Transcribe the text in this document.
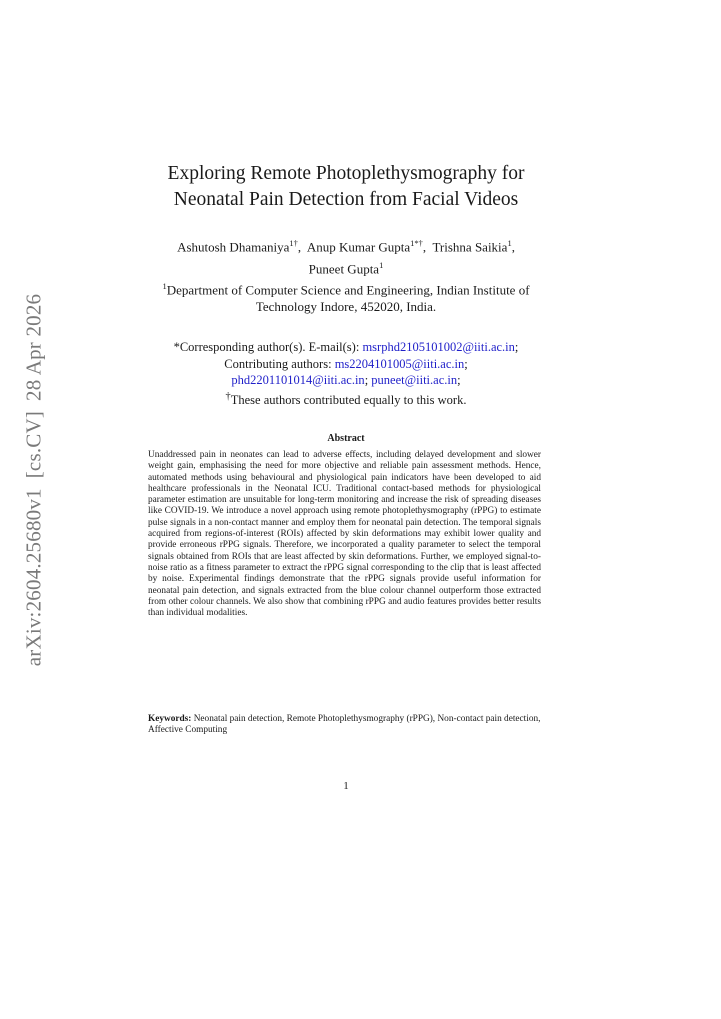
arXiv:2604.25680v1[cs.CV]28 Apr 2026
Exploring Remote Photoplethysmography for
Neonatal Pain Detection from Facial Videos
Ashutosh Dhamaniya$^{1\dagger}$,  Anup Kumar Gupta$^{1*\dagger}$,  Trishna Saikia$^1$,
Puneet Gupta$^1$
$^1$Department of Computer Science and Engineering, Indian Institute of Technology Indore, 452020, India.
*Corresponding author(s). E-mail(s): msrphd2105101002@iiti.ac.in;
Contributing authors: ms2204101005@iiti.ac.in;
phd2201101014@iiti.ac.in; puneet@iiti.ac.in;
†These authors contributed equally to this work.
Abstract

Unaddressed pain in neonates can lead to adverse effects, including delayed development and slower weight gain, emphasising the need for more objective and reliable pain assessment methods. Hence, automated methods using behavioural and physiological pain indicators have been developed to aid healthcare professionals in the Neonatal ICU. Traditional contact-based methods for physiological parameter estimation are unsuitable for long-term monitoring and increase the risk of spreading diseases like COVID-19. We introduce a novel approach using remote photoplethysmography (rPPG) to estimate pulse signals in a non-contact manner and employ them for neonatal pain detection. The temporal signals acquired from regions-of-interest (ROIs) affected by skin deformations may exhibit lower quality and provide erroneous rPPG signals. Therefore, we incorporated a quality parameter to select the temporal signals obtained from ROIs that are least affected by skin deformations. Further, we employed signal-to-noise ratio as a fitness parameter to extract the rPPG signal corresponding to the clip that is least affected by noise. Experimental findings demonstrate that the rPPG signals provide useful information for neonatal pain detection, and signals extracted from the blue colour channel outperform those extracted from other colour channels. We also show that combining rPPG and audio features provides better results than individual modalities.

Keywords: Neonatal pain detection, Remote Photoplethysmography (rPPG), Non-contact pain detection, Affective Computing
1
